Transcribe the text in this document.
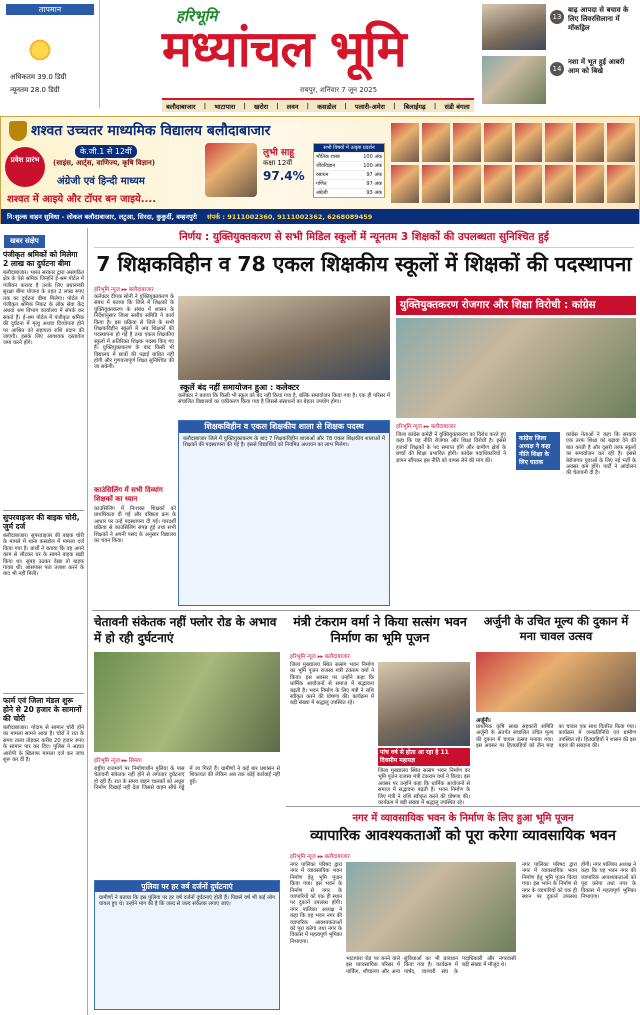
तापमान
अधिकतम 39.0 डिग्री
न्यूनतम 28.0 डिग्री
हरिभूमि
मध्यांचल भूमि
रायपुर, शनिवार 7 जून 2025
बलौदाबाजार | भाटापारा | खरोरा | लवन | कसडोल | पलारी-अमेरा | बिलाईगढ़ | संडी बंगला
13
बाढ़ आपदा से बचाव के लिए लिवरसिलाना में मॉकड्रिल
14
नशा में भूत हुई आबरी आम को बिखे
शश्वत उच्चतर माध्यमिक विद्यालय बलौदाबाजार
प्रवेश प्रारंभ
के.जी.1 से 12वीं
(साइंस, आर्ट्स, वाणिज्य, कृषि विज्ञान)
अंग्रेजी एवं हिन्दी माध्यम
शश्वत में आइये और टॉपर बन जाइये....
लुभी साहू
कक्षा 12वीं
97.4%
सभी विषयों में उत्कृष्ट प्रदर्शन
भौतिक शास्त्र	100 अंक
जीवविज्ञान	100 अंक
रसायन	97 अंक
गणित	97 अंक
अंग्रेजी	93 अंक
नि:शुल्क वाहन सुविधा - लोकल बलौदाबाजार, लटुआ, सिरदा, कुकुर्दी, बम्हनपुरी संपर्क : 9111002360, 9111002362, 6268089459
खबर संक्षेप
पंजीकृत श्रमिकों को मिलेगा 2 लाख का दुर्घटना बीमा
बलौदाबाजार। भारत सरकार द्वारा असंगठित क्षेत्र के ऐसे श्रमिक जिन्होंने ई-श्रम पोर्टल में पंजीयन कराया है उनके लिए प्रधानमंत्री सुरक्षा बीमा योजना के तहत 2 लाख रुपए तक का दुर्घटना बीमा मिलेगा। पोर्टल में पंजीकृत श्रमिक निकट के लोक सेवा केंद्र अथवा श्रम विभाग कार्यालय में संपर्क कर सकते हैं। ई-श्रम पोर्टल में पंजीकृत श्रमिक की दुर्घटना में मृत्यु अथवा दिव्यांगता होने पर आश्रित को सहायता राशि प्रदान की जाएगी। इसके लिए आवश्यक दस्तावेज जमा करने होंगे।
सुपरवाइजर की बाइक चोरी, जुर्म दर्ज
बलौदाबाजार। सुपरवाइजर की बाइक चोरी के मामले में थाना कसडोल में मामला दर्ज किया गया है। प्रार्थी ने बताया कि वह अपने काम से लौटकर घर के सामने बाइक खड़ी किया था। सुबह उठकर देखा तो बाइक गायब थी। आसपास पता तलाश करने के बाद भी नहीं मिली।
फार्म एवं जिला मंडल शुरू होने से 20 हजार के सामानों की चोरी
बलौदाबाजार। गोदाम से सामान चोरी होने का मामला सामने आया है। चोरों ने रात के समय ताला तोड़कर करीब 20 हजार रुपए के सामान पार कर दिए। पुलिस ने अज्ञात आरोपी के खिलाफ मामला दर्ज कर जांच शुरू कर दी है।
निर्णय : युक्तियुक्तकरण से सभी मिडिल स्कूलों में न्यूनतम 3 शिक्षकों की उपलब्धता सुनिश्चित हुई
7 शिक्षकविहीन व 78 एकल शिक्षकीय स्कूलों में शिक्षकों की पदस्थापना
हरिभूमि न्यूज ▸▸ बलौदाबाजार
कलेक्टर दीपक सोनी ने युक्तियुक्तकरण के संबंध में बताया कि जिले में शिक्षकों के युक्तियुक्तकरण के संबंध में शासन के निर्देशानुसार जिला स्तरीय समिति ने कार्य किया है। इस प्रक्रिया से जिले के सभी शिक्षकविहीन स्कूलों में अब शिक्षकों की पदस्थापना हो गई है तथा एकल शिक्षकीय स्कूलों में अतिरिक्त शिक्षक पदस्थ किए गए हैं। युक्तियुक्तकरण के बाद किसी भी विद्यालय में छात्रों की पढ़ाई बाधित नहीं होगी और गुणवत्तापूर्ण शिक्षा सुनिश्चित की जा सकेगी।
स्कूलें बंद नहीं समायोजन हुआ : कलेक्टर
कलेक्टर ने बताया कि किसी भी स्कूल को बंद नहीं किया गया है, बल्कि समायोजन किया गया है। एक ही परिसर में संचालित विद्यालयों का एकीकरण किया गया है जिससे संसाधनों का बेहतर उपयोग होगा।
काउंसिलिंग में सभी दिव्यांग शिक्षकों का ध्यान
काउंसिलिंग में निःशक्त शिक्षकों को प्राथमिकता दी गई और वरिष्ठता क्रम के आधार पर उन्हें पदस्थापना दी गई। पारदर्शी प्रक्रिया से काउंसिलिंग संपन्न हुई तथा सभी शिक्षकों ने अपनी पसंद के अनुसार विद्यालय का चयन किया।
शिक्षकविहीन व एकल शिक्षकीय शाला से शिक्षक पदस्थ
बलौदाबाजार जिले में युक्तियुक्तकरण के बाद 7 शिक्षकविहीन शालाओं और 78 एकल शिक्षकीय शालाओं में शिक्षकों की पदस्थापना की गई है। इससे विद्यार्थियों को नियमित अध्ययन का लाभ मिलेगा।
युक्तियुक्तकरण रोजगार और शिक्षा विरोधी : कांग्रेस
हरिभूमि न्यूज ▸▸ बलौदाबाजार
जिला कांग्रेस कमेटी ने युक्तियुक्तकरण का विरोध करते हुए कहा कि यह नीति रोजगार और शिक्षा विरोधी है। इससे हजारों शिक्षकों के पद समाप्त होंगे और ग्रामीण क्षेत्रों के बच्चों की शिक्षा प्रभावित होगी। कांग्रेस पदाधिकारियों ने ज्ञापन सौंपकर इस नीति को वापस लेने की मांग की।
कांग्रेस जिला अध्यक्ष ने कहा नीति शिक्षा के लिए घातक
कांग्रेस नेताओं ने कहा कि सरकार एक तरफ शिक्षा को बढ़ावा देने की बात करती है और दूसरी तरफ स्कूलों का समायोजन कर रही है। इससे बेरोजगार युवाओं के लिए नई भर्ती के अवसर कम होंगे। पार्टी ने आंदोलन की चेतावनी दी है।
चेतावनी संकेतक नहीं फ्लोर रोड के अभाव में हो रही दुर्घटनाएं
हरिभूमि न्यूज ▸▸ सिमगा
राष्ट्रीय राजमार्ग पर निर्माणाधीन पुलिया के पास चेतावनी संकेतक नहीं होने से लगातार दुर्घटनाएं हो रही हैं। रात के समय वाहन चालकों को अधूरा निर्माण दिखाई नहीं देता जिससे वाहन सीधे गड्ढे में जा गिरते हैं। ग्रामीणों ने कई बार प्रशासन से शिकायत की लेकिन अब तक कोई कार्रवाई नहीं हुई।
पुलिया पर हर वर्ष दर्जनों दुर्घटनाएं
ग्रामीणों ने बताया कि इस पुलिया पर हर वर्ष दर्जनों दुर्घटनाएं होती हैं। पिछले वर्ष भी कई लोग घायल हुए थे। उन्होंने मांग की है कि जल्द से जल्द संकेतक लगाए जाएं।
मंत्री टंकराम वर्मा ने किया सत्संग भवन निर्माण का भूमि पूजन
हरिभूमि न्यूज ▸▸ बलौदाबाजार
जिला मुख्यालय स्थित सत्संग भवन निर्माण का भूमि पूजन राजस्व मंत्री टंकराम वर्मा ने किया। इस अवसर पर उन्होंने कहा कि धार्मिक आयोजनों से समाज में सद्भावना बढ़ती है। भवन निर्माण के लिए मंत्री ने राशि स्वीकृत करने की घोषणा की। कार्यक्रम में बड़ी संख्या में श्रद्धालु उपस्थित रहे।
पांच वर्ष से होता आ रहा है 11 दिवसीय महायज्ञ
जिला मुख्यालय स्थित सत्संग भवन निर्माण का भूमि पूजन राजस्व मंत्री टंकराम वर्मा ने किया। इस अवसर पर उन्होंने कहा कि धार्मिक आयोजनों से समाज में सद्भावना बढ़ती है। भवन निर्माण के लिए मंत्री ने राशि स्वीकृत करने की घोषणा की। कार्यक्रम में बड़ी संख्या में श्रद्धालु उपस्थित रहे।
अर्जुनी के उचित मूल्य की दुकान में मना चावल उत्सव
अर्जुनी।
प्राथमिक कृषि साख सहकारी समिति अर्जुनी के अंतर्गत संचालित उचित मूल्य की दुकान में चावल उत्सव मनाया गया। इस अवसर पर हितग्राहियों को तीन माह का चावल एक साथ वितरित किया गया। कार्यक्रम में जनप्रतिनिधि एवं ग्रामीण उपस्थित रहे। हितग्राहियों ने शासन की इस पहल की सराहना की।
नगर में व्यावसायिक भवन के निर्माण के लिए हुआ भूमि पूजन
व्यापारिक आवश्यकताओं को पूरा करेगा व्यावसायिक भवन
हरिभूमि न्यूज ▸▸ बलौदाबाजार
नगर पालिका परिषद द्वारा नगर में व्यावसायिक भवन निर्माण हेतु भूमि पूजन किया गया। इस भवन के निर्माण से नगर के व्यापारियों को एक ही स्थान पर दुकानें उपलब्ध होंगी। नगर पालिका अध्यक्ष ने कहा कि यह भवन नगर की व्यापारिक आवश्यकताओं को पूरा करेगा तथा नगर के विकास में महत्वपूर्ण भूमिका निभाएगा।
भाटापारा रोड पर बनने वाले इस व्यावसायिक परिसर में पार्किंग, शौचालय और अन्य सुविधाओं का भी प्रावधान किया गया है। कार्यक्रम में पार्षद, व्यापारी संघ के पदाधिकारी और नगरवासी बड़ी संख्या में मौजूद थे।
नगर पालिका परिषद द्वारा नगर में व्यावसायिक भवन निर्माण हेतु भूमि पूजन किया गया। इस भवन के निर्माण से नगर के व्यापारियों को एक ही स्थान पर दुकानें उपलब्ध होंगी। नगर पालिका अध्यक्ष ने कहा कि यह भवन नगर की व्यापारिक आवश्यकताओं को पूरा करेगा तथा नगर के विकास में महत्वपूर्ण भूमिका निभाएगा।
